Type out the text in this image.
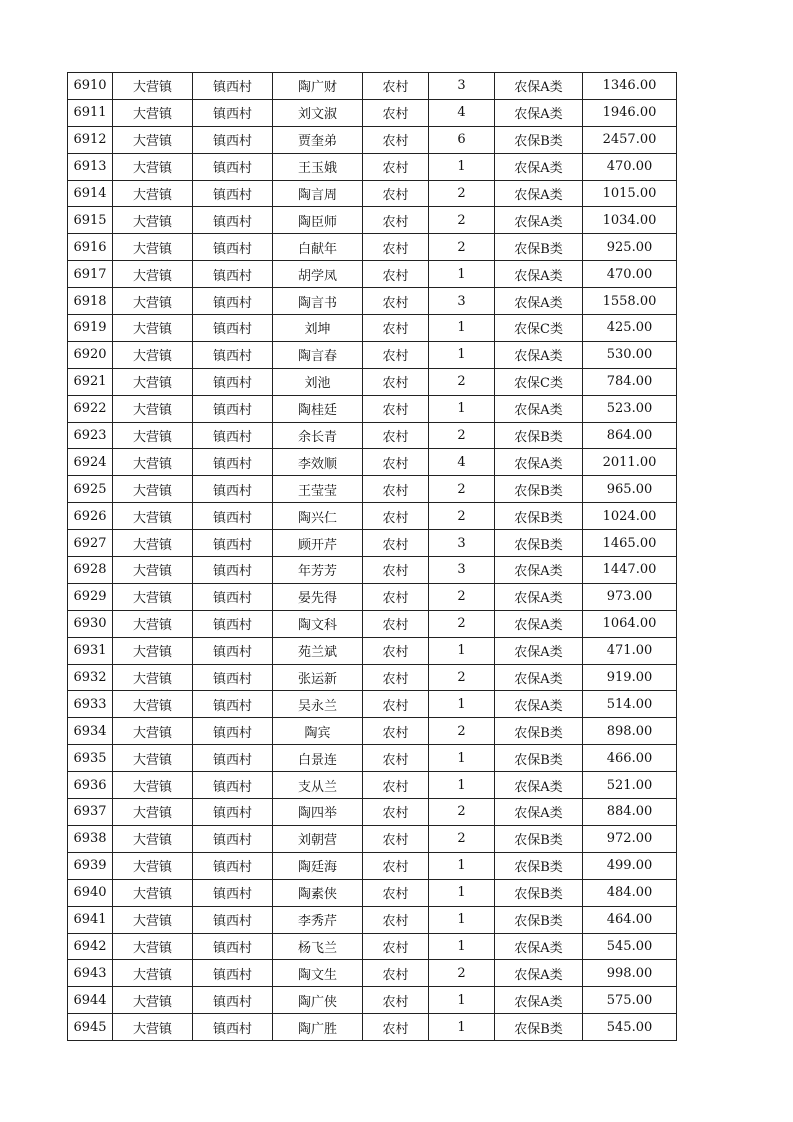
6910	大营镇	镇西村	陶广财	农村	3	农保A类	1346.00
6911	大营镇	镇西村	刘文淑	农村	4	农保A类	1946.00
6912	大营镇	镇西村	贾奎弟	农村	6	农保B类	2457.00
6913	大营镇	镇西村	王玉娥	农村	1	农保A类	470.00
6914	大营镇	镇西村	陶言周	农村	2	农保A类	1015.00
6915	大营镇	镇西村	陶臣师	农村	2	农保A类	1034.00
6916	大营镇	镇西村	白献年	农村	2	农保B类	925.00
6917	大营镇	镇西村	胡学凤	农村	1	农保A类	470.00
6918	大营镇	镇西村	陶言书	农村	3	农保A类	1558.00
6919	大营镇	镇西村	刘坤	农村	1	农保C类	425.00
6920	大营镇	镇西村	陶言春	农村	1	农保A类	530.00
6921	大营镇	镇西村	刘池	农村	2	农保C类	784.00
6922	大营镇	镇西村	陶桂廷	农村	1	农保A类	523.00
6923	大营镇	镇西村	余长青	农村	2	农保B类	864.00
6924	大营镇	镇西村	李效顺	农村	4	农保A类	2011.00
6925	大营镇	镇西村	王莹莹	农村	2	农保B类	965.00
6926	大营镇	镇西村	陶兴仁	农村	2	农保B类	1024.00
6927	大营镇	镇西村	顾开芹	农村	3	农保B类	1465.00
6928	大营镇	镇西村	年芳芳	农村	3	农保A类	1447.00
6929	大营镇	镇西村	晏先得	农村	2	农保A类	973.00
6930	大营镇	镇西村	陶文科	农村	2	农保A类	1064.00
6931	大营镇	镇西村	苑兰斌	农村	1	农保A类	471.00
6932	大营镇	镇西村	张运新	农村	2	农保A类	919.00
6933	大营镇	镇西村	吴永兰	农村	1	农保A类	514.00
6934	大营镇	镇西村	陶宾	农村	2	农保B类	898.00
6935	大营镇	镇西村	白景连	农村	1	农保B类	466.00
6936	大营镇	镇西村	支从兰	农村	1	农保A类	521.00
6937	大营镇	镇西村	陶四举	农村	2	农保A类	884.00
6938	大营镇	镇西村	刘朝营	农村	2	农保B类	972.00
6939	大营镇	镇西村	陶廷海	农村	1	农保B类	499.00
6940	大营镇	镇西村	陶素侠	农村	1	农保B类	484.00
6941	大营镇	镇西村	李秀芹	农村	1	农保B类	464.00
6942	大营镇	镇西村	杨飞兰	农村	1	农保A类	545.00
6943	大营镇	镇西村	陶文生	农村	2	农保A类	998.00
6944	大营镇	镇西村	陶广侠	农村	1	农保A类	575.00
6945	大营镇	镇西村	陶广胜	农村	1	农保B类	545.00
